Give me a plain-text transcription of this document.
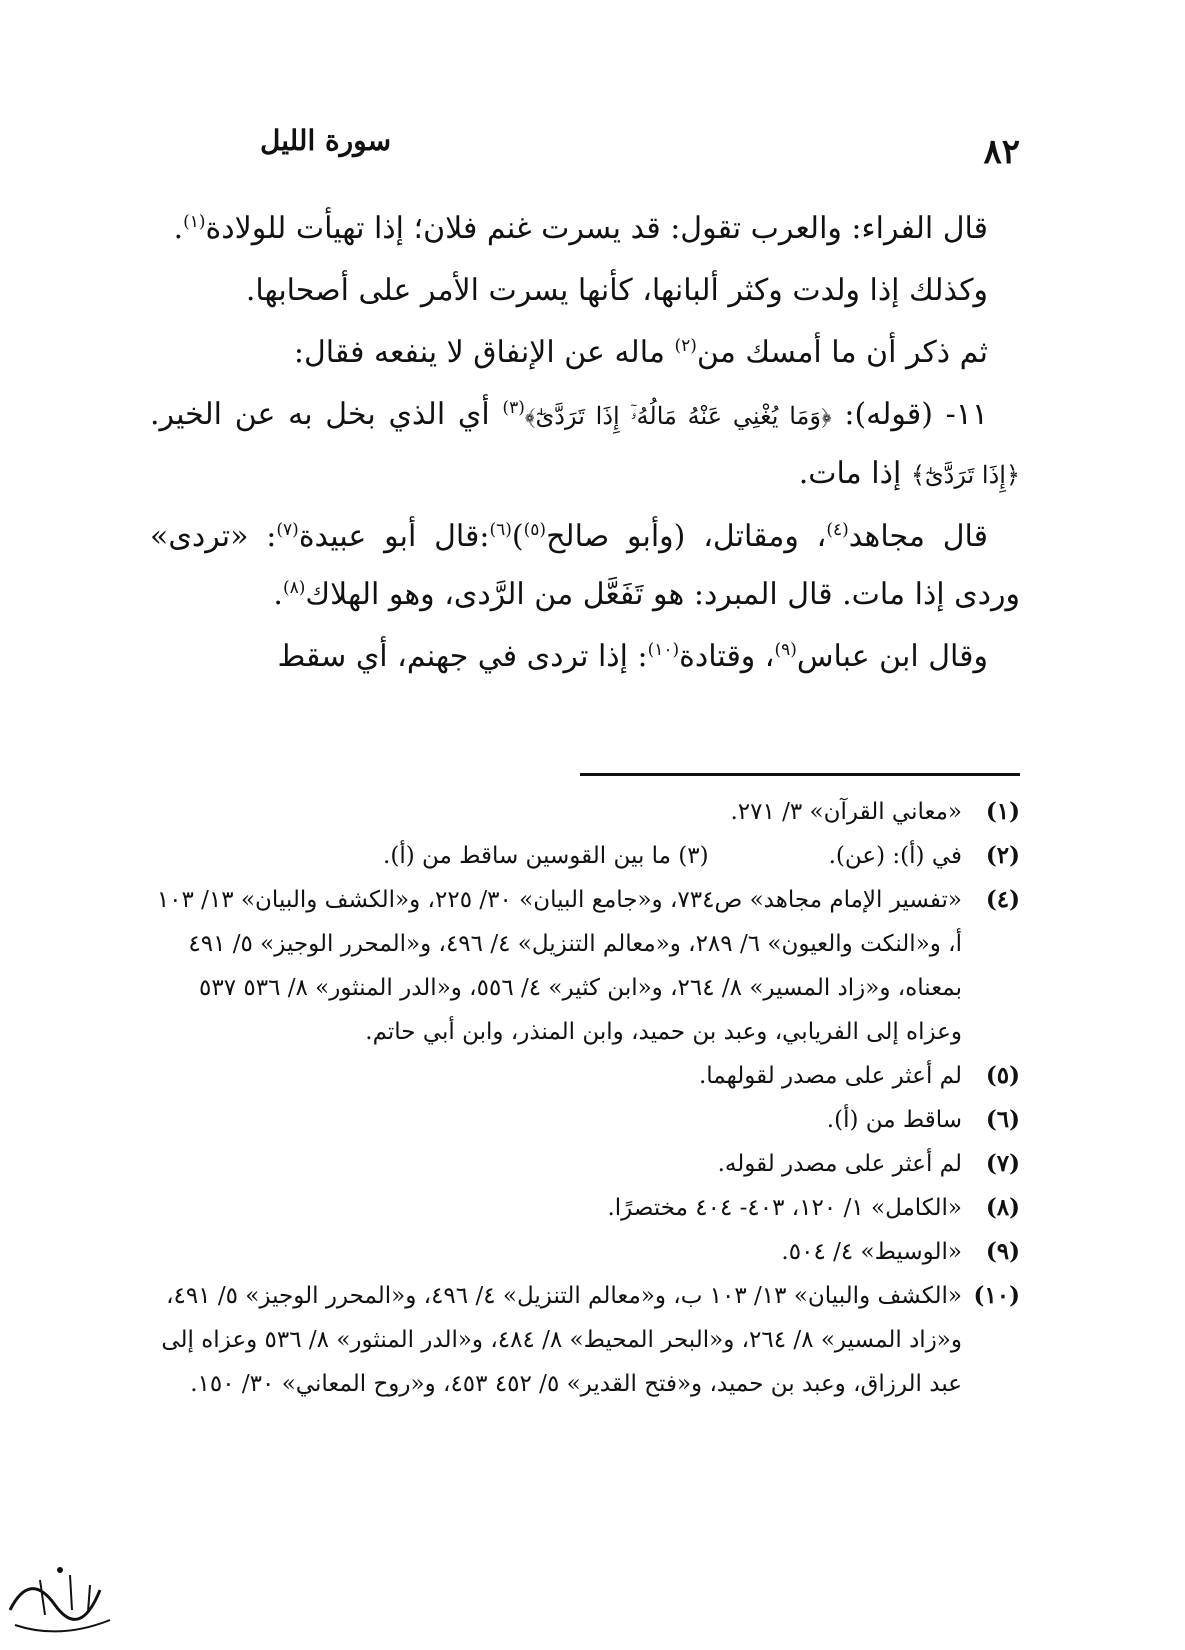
٨٢
سورة الليل

قال الفراء: والعرب تقول: قد يسرت غنم فلان؛ إذا تهيأت للولادة$^{(١)}$.

وكذلك إذا ولدت وكثر ألبانها، كأنها يسرت الأمر على أصحابها.

ثم ذكر أن ما أمسك من$^{(٢)}$ ماله عن الإنفاق لا ينفعه فقال:

١١- (قوله): ﴿وَمَا يُغْنِي عَنْهُ مَالُهُۥٓ إِذَا تَرَدَّىٰٓ﴾$^{(٣)}$ أي الذي بخل به عن الخير. ﴿إِذَا تَرَدَّىٰٓ﴾ إذا مات.

قال مجاهد$^{(٤)}$، ومقاتل، (وأبو صالح$^{(٥)}$)$^{(٦)}$:قال أبو عبيدة$^{(٧)}$: «تردى» وردى إذا مات. قال المبرد: هو تَفَعَّل من الرَّدى، وهو الهلاك$^{(٨)}$.

وقال ابن عباس$^{(٩)}$، وقتادة$^{(١٠)}$: إذا تردى في جهنم، أي سقط

(١)
«معاني القرآن» ٣/ ٢٧١.
(٢)
في (أ): (عن).(٣) ما بين القوسين ساقط من (أ).
(٤)
«تفسير الإمام مجاهد» ص٧٣٤، و«جامع البيان» ٣٠/ ٢٢٥، و«الكشف والبيان» ١٣/ ١٠٣ أ، و«النكت والعيون» ٦/ ٢٨٩، و«معالم التنزيل» ٤/ ٤٩٦، و«المحرر الوجيز» ٥/ ٤٩١ بمعناه، و«زاد المسير» ٨/ ٢٦٤، و«ابن كثير» ٤/ ٥٥٦، و«الدر المنثور» ٨/ ٥٣٦ ٥٣٧ وعزاه إلى الفريابي، وعبد بن حميد، وابن المنذر، وابن أبي حاتم.
(٥)
لم أعثر على مصدر لقولهما.
(٦)
ساقط من (أ).
(٧)
لم أعثر على مصدر لقوله.
(٨)
«الكامل» ١/ ١٢٠، ٤٠٣- ٤٠٤ مختصرًا.
(٩)
«الوسيط» ٤/ ٥٠٤.
(١٠)
«الكشف والبيان» ١٣/ ١٠٣ ب، و«معالم التنزيل» ٤/ ٤٩٦، و«المحرر الوجيز» ٥/ ٤٩١، و«زاد المسير» ٨/ ٢٦٤، و«البحر المحيط» ٨/ ٤٨٤، و«الدر المنثور» ٨/ ٥٣٦ وعزاه إلى عبد الرزاق، وعبد بن حميد، و«فتح القدير» ٥/ ٤٥٢ ٤٥٣، و«روح المعاني» ٣٠/ ١٥٠.
